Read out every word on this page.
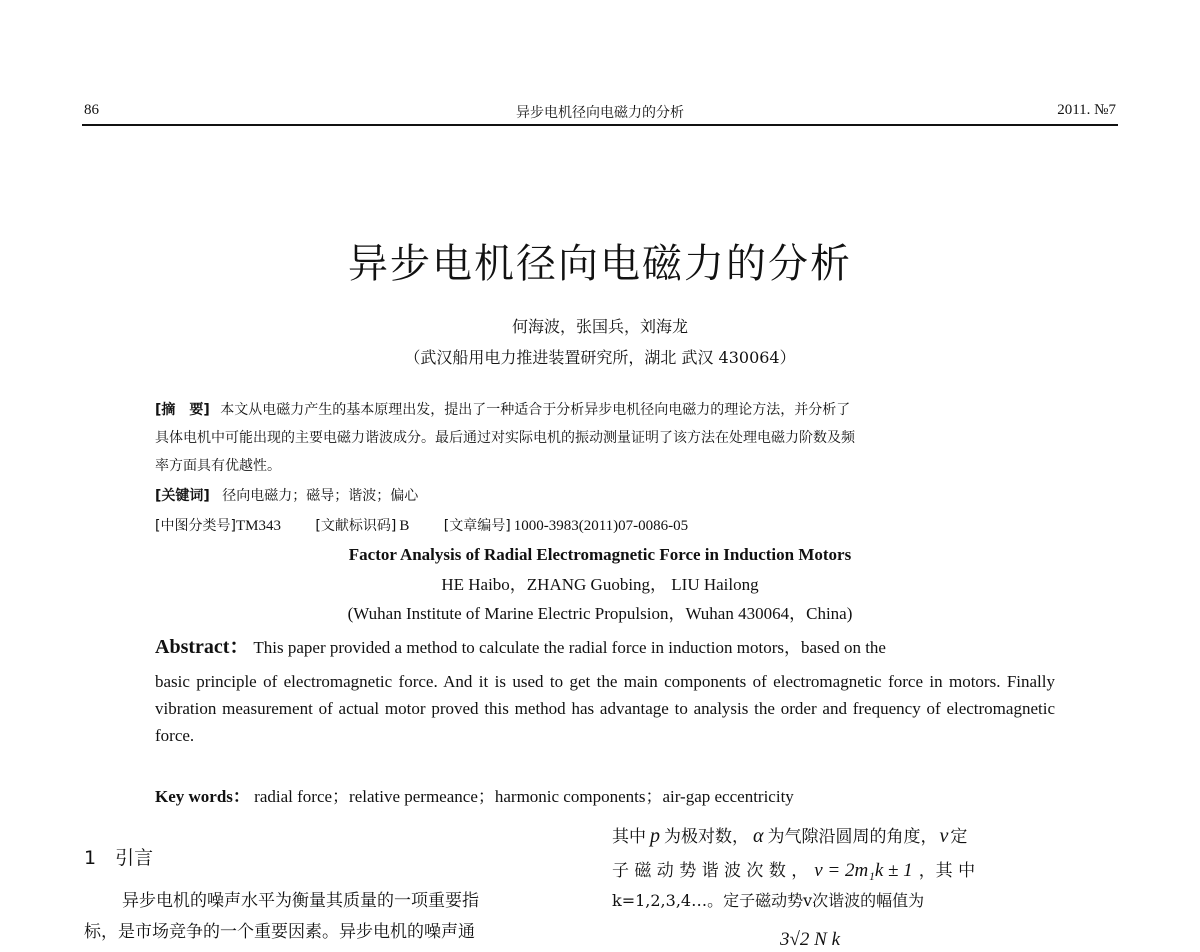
86	异步电机径向电磁力的分析	2011. №7
异步电机径向电磁力的分析
何海波，张国兵，刘海龙
（武汉船用电力推进装置研究所，湖北 武汉 430064）
[摘　要] 本文从电磁力产生的基本原理出发，提出了一种适合于分析异步电机径向电磁力的理论方法，并分析了
具体电机中可能出现的主要电磁力谐波成分。最后通过对实际电机的振动测量证明了该方法在处理电磁力阶数及频
率方面具有优越性。
[关键词] 径向电磁力；磁导；谐波；偏心
[中图分类号]TM343 [文献标识码] B [文章编号] 1000-3983(2011)07-0086-05
Factor Analysis of Radial Electromagnetic Force in Induction Motors
HE Haibo，ZHANG Guobing， LIU Hailong
(Wuhan Institute of Marine Electric Propulsion，Wuhan 430064，China)
Abstract： This paper provided a method to calculate the radial force in induction motors，based on the
basic principle of electromagnetic force. And it is used to get the main components of electromagnetic force in motors. Finally vibration measurement of actual motor proved this method has advantage to analysis the order and frequency of electromagnetic force.
Key words： radial force；relative permeance；harmonic components；air-gap eccentricity
1　引言
异步电机的噪声水平为衡量其质量的一项重要指
标，是市场竞争的一个重要因素。异步电机的噪声通
其中 p 为极对数， α 为气隙沿圆周的角度， v 定
子 磁 动 势 谐 波 次 数 ， v = 2m₁k ± 1 ，其 中
k=1,2,3,4…。定子磁动势v次谐波的幅值为
3√2 N k
